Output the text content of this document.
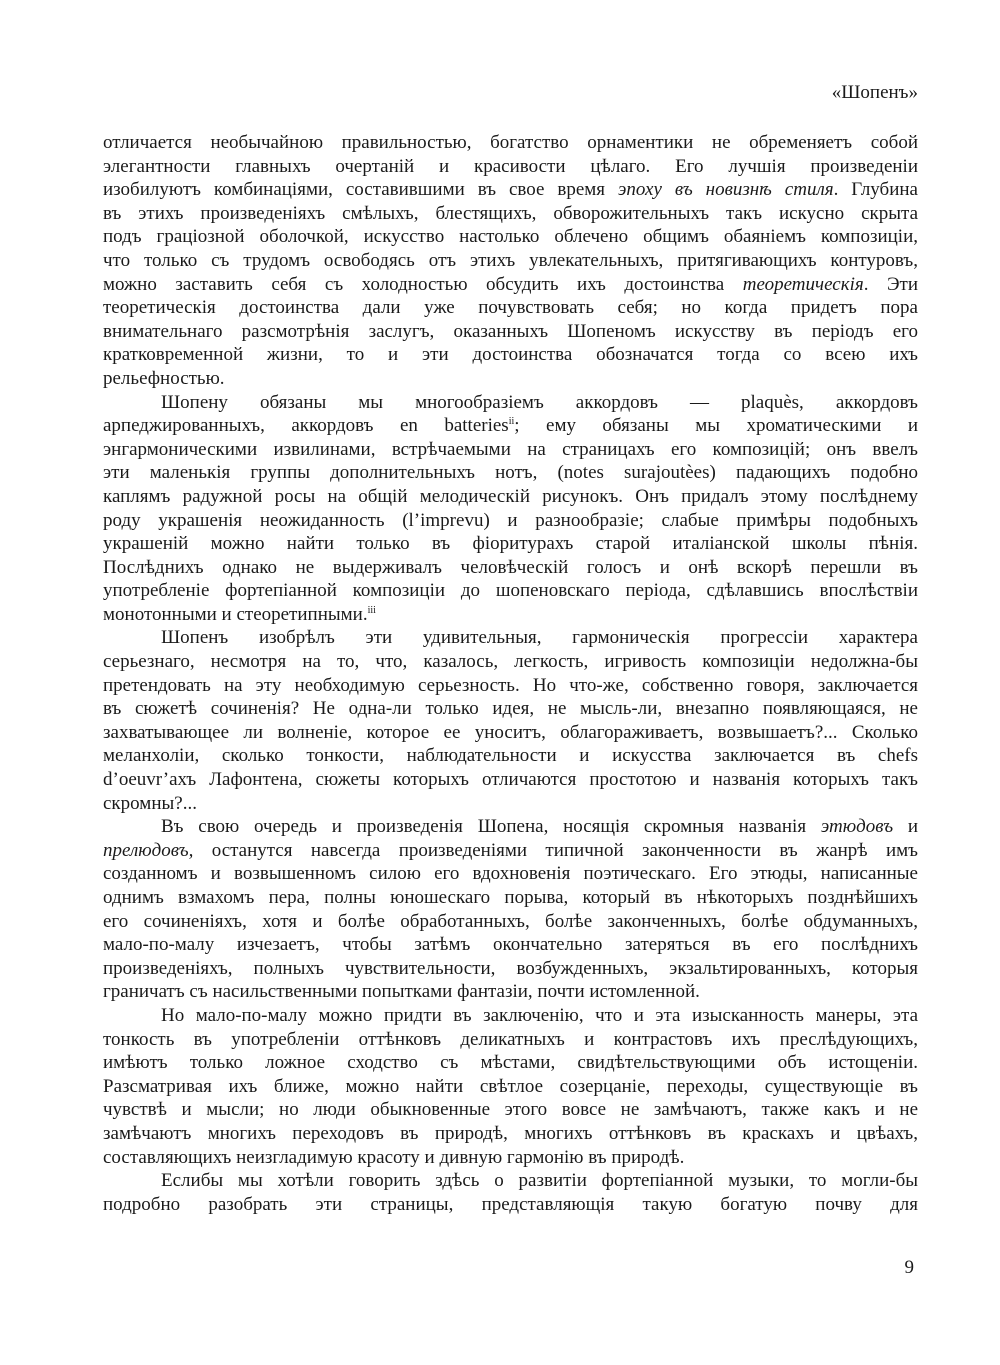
«Шопенъ»
отличается необычайною правильностью, богатство орнаментики не обременяетъ собой
элегантности главныхъ очертаній и красивости цѣлаго. Его лучшія произведеніи
изобилуютъ комбинаціями, составившими въ свое время эпоху въ новизнѣ стиля. Глубина
въ этихъ произведеніяхъ смѣлыхъ, блестящихъ, обворожительныхъ такъ искусно скрыта
подъ граціозной оболочкой, искусство настолько облечено общимъ обаяніемъ композиціи,
что только съ трудомъ освободясь отъ этихъ увлекательныхъ, притягивающихъ контуровъ,
можно заставить себя съ холодностью обсудить ихъ достоинства теоретическія. Эти
теоретическія достоинства дали уже почувствовать себя; но когда придетъ пора
внимательнаго разсмотрѣнія заслугъ, оказанныхъ Шопеномъ искусству въ періодъ его
кратковременной жизни, то и эти достоинства обозначатся тогда со всею ихъ
рельефностью.
Шопену обязаны мы многообразіемъ аккордовъ — plaquès, аккордовъ
арпеджированныхъ, аккордовъ en batteries$^{ii}$; ему обязаны мы хроматическими и
энгармоническими извилинами, встрѣчаемыми на страницахъ его композицій; онъ ввелъ
эти маленькія группы дополнительныхъ нотъ, (notes surajoutèes) падающихъ подобно
каплямъ радужной росы на общій мелодическій рисунокъ. Онъ придалъ этому послѣднему
роду украшенія неожиданность (l’imprevu) и разнообразіе; слабые примѣры подобныхъ
украшеній можно найти только въ фіоритурахъ старой италіанской школы пѣнія.
Послѣднихъ однако не выдерживалъ человѣческій голосъ и онѣ вскорѣ перешли въ
употребленіе фортепіанной композиціи до шопеновскаго періода, сдѣлавшись впослѣствіи
монотонными и стеоретипными.$^{iii}$
Шопенъ изобрѣлъ эти удивительныя, гармоническія прогрессіи характера
серьезнаго, несмотря на то, что, казалось, легкость, игривость композиціи недолжна-бы
претендовать на эту необходимую серьезность. Но что-же, собственно говоря, заключается
въ сюжетѣ сочиненія? Не одна-ли только идея, не мысль-ли, внезапно появляющаяся, не
захватывающее ли волненіе, которое ее уноситъ, облагораживаетъ, возвышаетъ?... Сколько
меланхоліи, сколько тонкости, наблюдательности и искусства заключается въ chefs
d’oeuvr’ахъ Лафонтена, сюжеты которыхъ отличаются простотою и названія которыхъ такъ
скромны?...
Въ свою очередь и произведенія Шопена, носящія скромныя названія этюдовъ и
прелюдовъ, останутся навсегда произведеніями типичной законченности въ жанрѣ имъ
созданномъ и возвышенномъ силою его вдохновенія поэтическаго. Его этюды, написанные
однимъ взмахомъ пера, полны юношескаго порыва, который въ нѣкоторыхъ позднѣйшихъ
его сочиненіяхъ, хотя и болѣе обработанныхъ, болѣе законченныхъ, болѣе обдуманныхъ,
мало-по-малу изчезаетъ, чтобы затѣмъ окончательно затеряться въ его послѣднихъ
произведеніяхъ, полныхъ чувствительности, возбужденныхъ, экзальтированныхъ, которыя
граничатъ съ насильственными попытками фантазіи, почти истомленной.
Но мало-по-малу можно придти въ заключенію, что и эта изысканность манеры, эта
тонкость въ употребленіи оттѣнковъ деликатныхъ и контрастовъ ихъ преслѣдующихъ,
имѣютъ только ложное сходство съ мѣстами, свидѣтельствующими объ истощеніи.
Разсматривая ихъ ближе, можно найти свѣтлое созерцаніе, переходы, существующіе въ
чувствѣ и мысли; но люди обыкновенные этого вовсе не замѣчаютъ, также какъ и не
замѣчаютъ многихъ переходовъ въ природѣ, многихъ оттѣнковъ въ краскахъ и цвѣахъ,
составляющихъ неизгладимую красоту и дивную гармонію въ природѣ.
Еслибы мы хотѣли говорить здѣсь о развитіи фортепіанной музыки, то могли-бы
подробно разобрать эти страницы, представляющія такую богатую почву для
9
